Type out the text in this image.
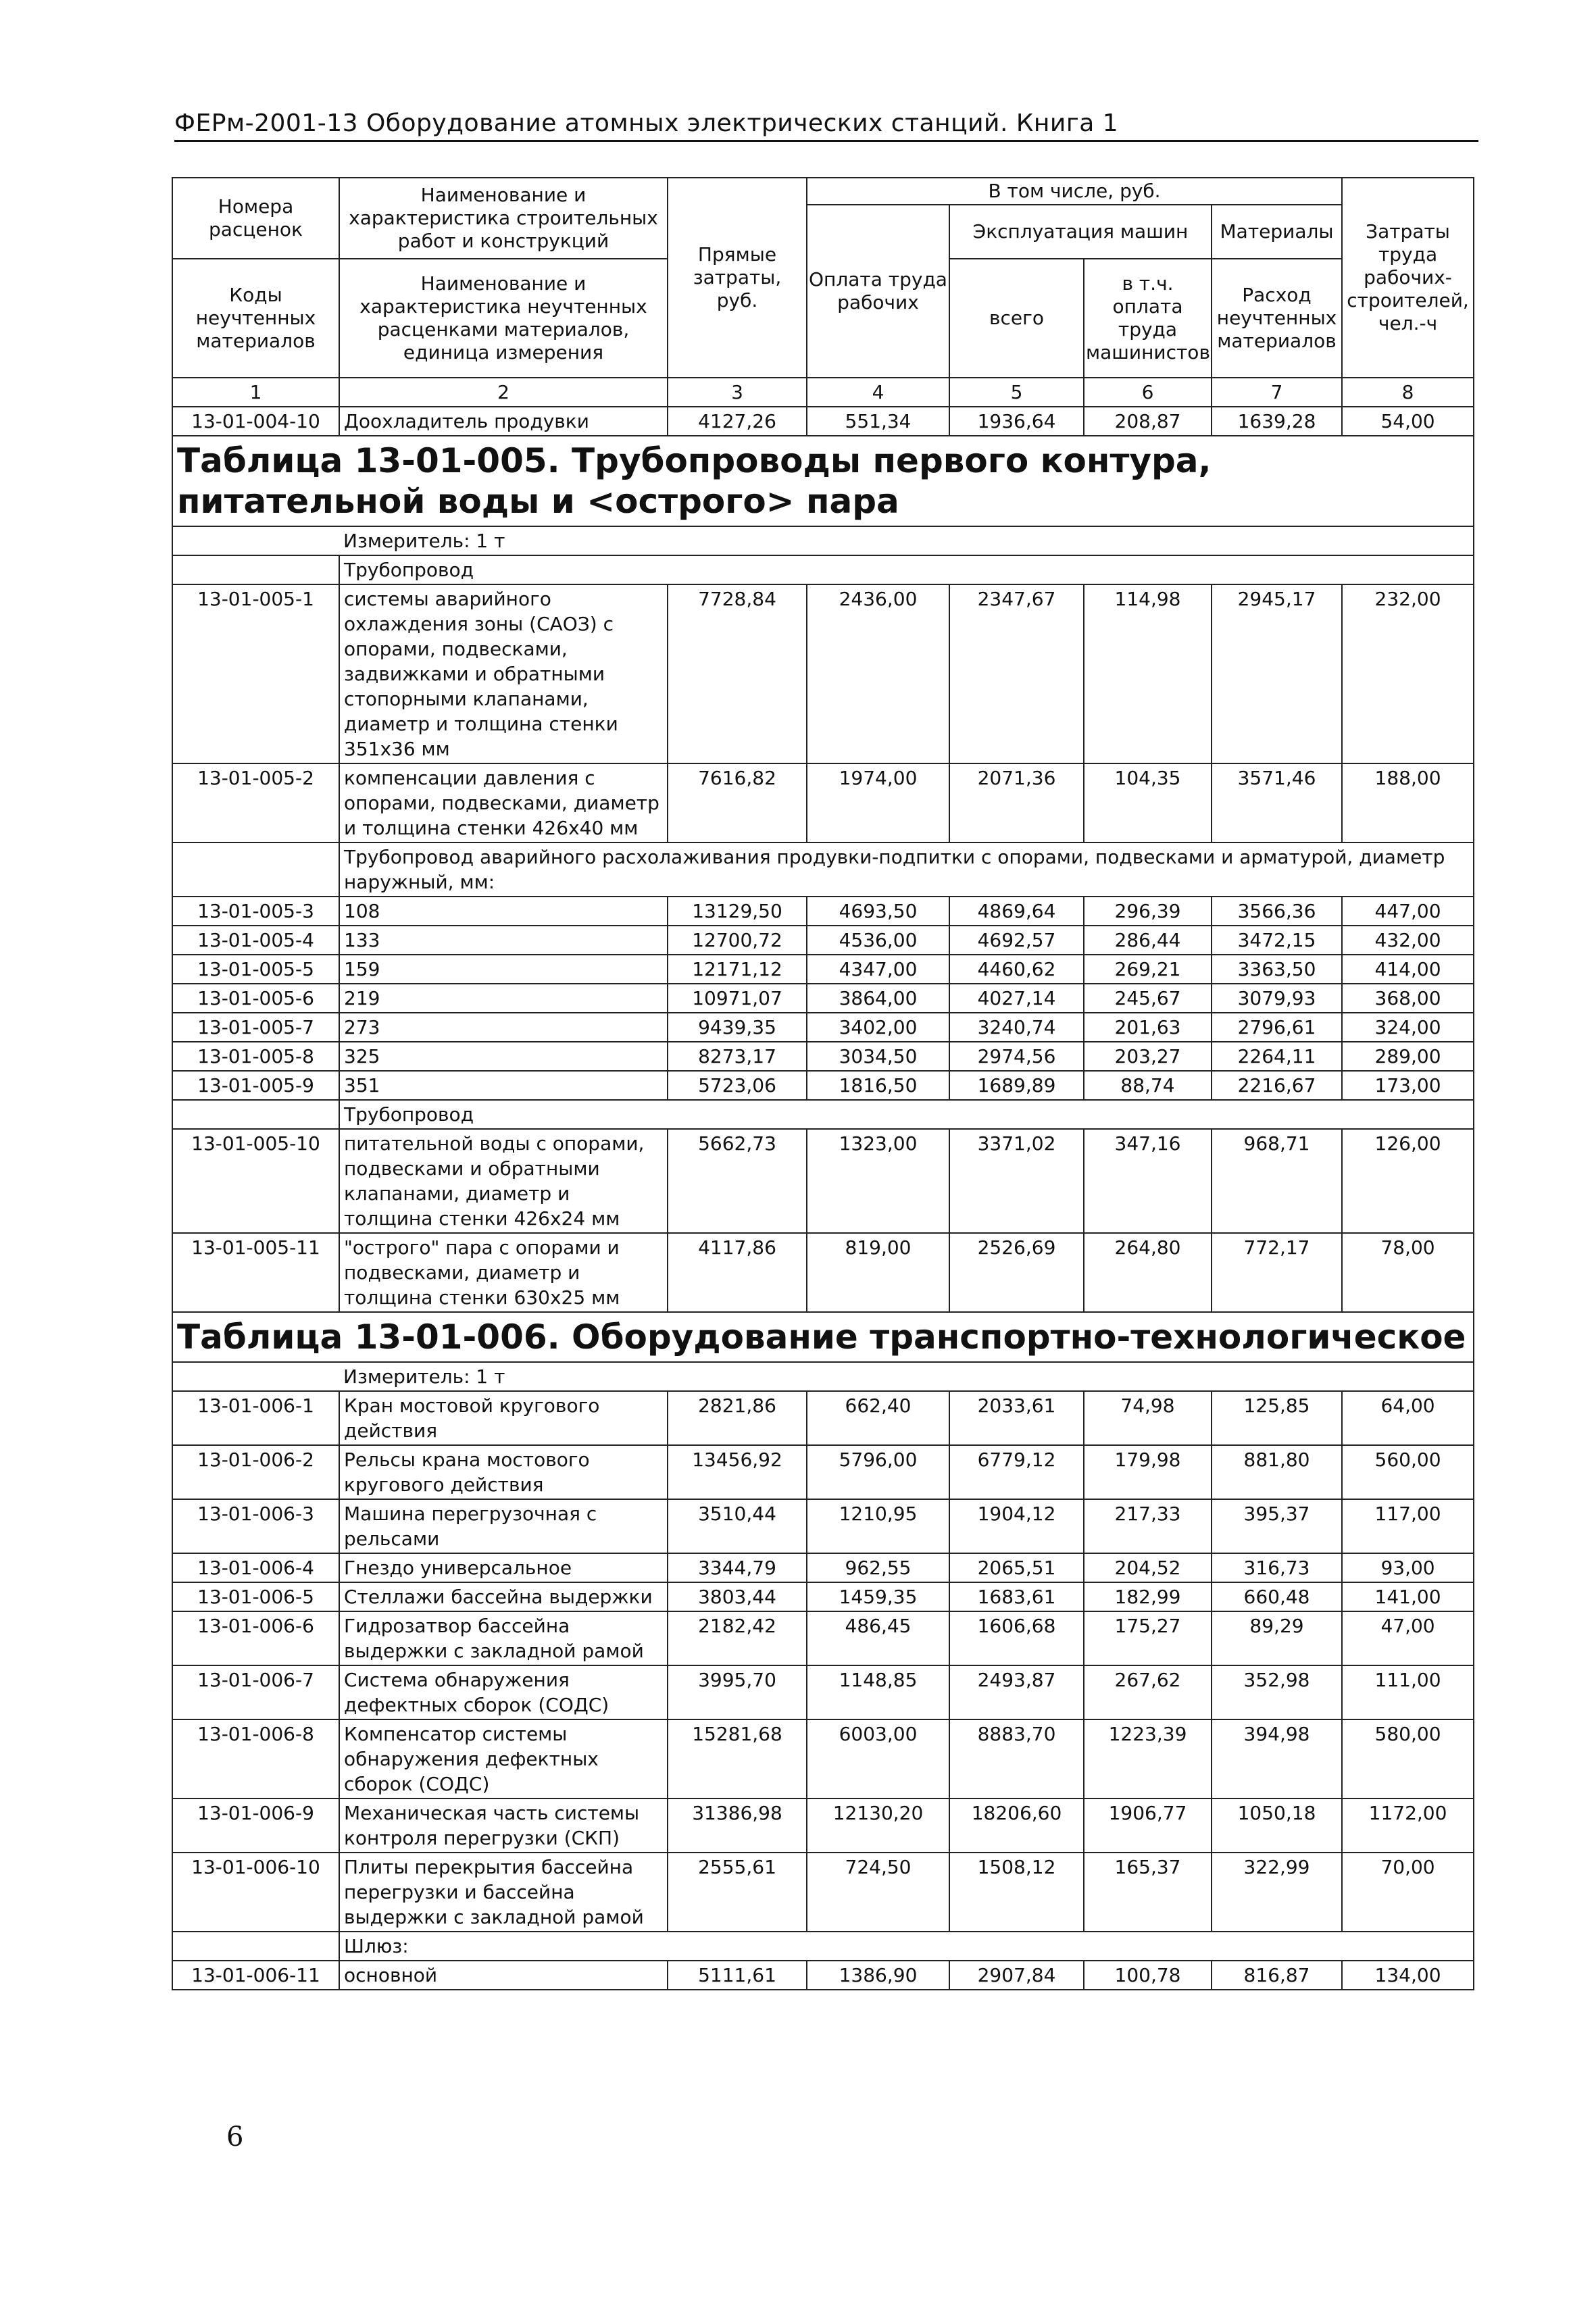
ФЕРм-2001-13 Оборудование атомных электрических станций. Книга 1
Номера расценок	Наименование и характеристика строительных работ и конструкций	Прямые затраты, руб.	В том числе, руб.				Затраты труда рабочих-строителей, чел.-ч
			Оплата труда рабочих	Эксплуатация машин		Материалы	
Коды неучтенных материалов	Наименование и характеристика неучтенных расценками материалов, единица измерения			всего	в т.ч. оплата труда машинистов	Расход неучтенных материалов	
1	2	3	4	5	6	7	8
13-01-004-10	Доохладитель продувки	4127,26	551,34	1936,64	208,87	1639,28	54,00
Таблица 13-01-005. Трубопроводы первого контура, питательной воды и <острого> пара							
	Измеритель: 1 т						
	Трубопровод						
13-01-005-1	системы аварийного охлаждения зоны (САОЗ) с опорами, подвесками, задвижками и обратными стопорными клапанами, диаметр и толщина стенки 351x36 мм	7728,84	2436,00	2347,67	114,98	2945,17	232,00
13-01-005-2	компенсации давления с опорами, подвесками, диаметр и толщина стенки 426x40 мм	7616,82	1974,00	2071,36	104,35	3571,46	188,00
	Трубопровод аварийного расхолаживания продувки-подпитки с опорами, подвесками и арматурой, диаметр наружный, мм:						
13-01-005-3	108	13129,50	4693,50	4869,64	296,39	3566,36	447,00
13-01-005-4	133	12700,72	4536,00	4692,57	286,44	3472,15	432,00
13-01-005-5	159	12171,12	4347,00	4460,62	269,21	3363,50	414,00
13-01-005-6	219	10971,07	3864,00	4027,14	245,67	3079,93	368,00
13-01-005-7	273	9439,35	3402,00	3240,74	201,63	2796,61	324,00
13-01-005-8	325	8273,17	3034,50	2974,56	203,27	2264,11	289,00
13-01-005-9	351	5723,06	1816,50	1689,89	88,74	2216,67	173,00
	Трубопровод						
13-01-005-10	питательной воды с опорами, подвесками и обратными клапанами, диаметр и толщина стенки 426x24 мм	5662,73	1323,00	3371,02	347,16	968,71	126,00
13-01-005-11	"острого" пара с опорами и подвесками, диаметр и толщина стенки 630x25 мм	4117,86	819,00	2526,69	264,80	772,17	78,00
Таблица 13-01-006. Оборудование транспортно-технологическое							
	Измеритель: 1 т						
13-01-006-1	Кран мостовой кругового действия	2821,86	662,40	2033,61	74,98	125,85	64,00
13-01-006-2	Рельсы крана мостового кругового действия	13456,92	5796,00	6779,12	179,98	881,80	560,00
13-01-006-3	Машина перегрузочная с рельсами	3510,44	1210,95	1904,12	217,33	395,37	117,00
13-01-006-4	Гнездо универсальное	3344,79	962,55	2065,51	204,52	316,73	93,00
13-01-006-5	Стеллажи бассейна выдержки	3803,44	1459,35	1683,61	182,99	660,48	141,00
13-01-006-6	Гидрозатвор бассейна выдержки с закладной рамой	2182,42	486,45	1606,68	175,27	89,29	47,00
13-01-006-7	Система обнаружения дефектных сборок (СОДС)	3995,70	1148,85	2493,87	267,62	352,98	111,00
13-01-006-8	Компенсатор системы обнаружения дефектных сборок (СОДС)	15281,68	6003,00	8883,70	1223,39	394,98	580,00
13-01-006-9	Механическая часть системы контроля перегрузки (СКП)	31386,98	12130,20	18206,60	1906,77	1050,18	1172,00
13-01-006-10	Плиты перекрытия бассейна перегрузки и бассейна выдержки с закладной рамой	2555,61	724,50	1508,12	165,37	322,99	70,00
	Шлюз:						
13-01-006-11	основной	5111,61	1386,90	2907,84	100,78	816,87	134,00
6
